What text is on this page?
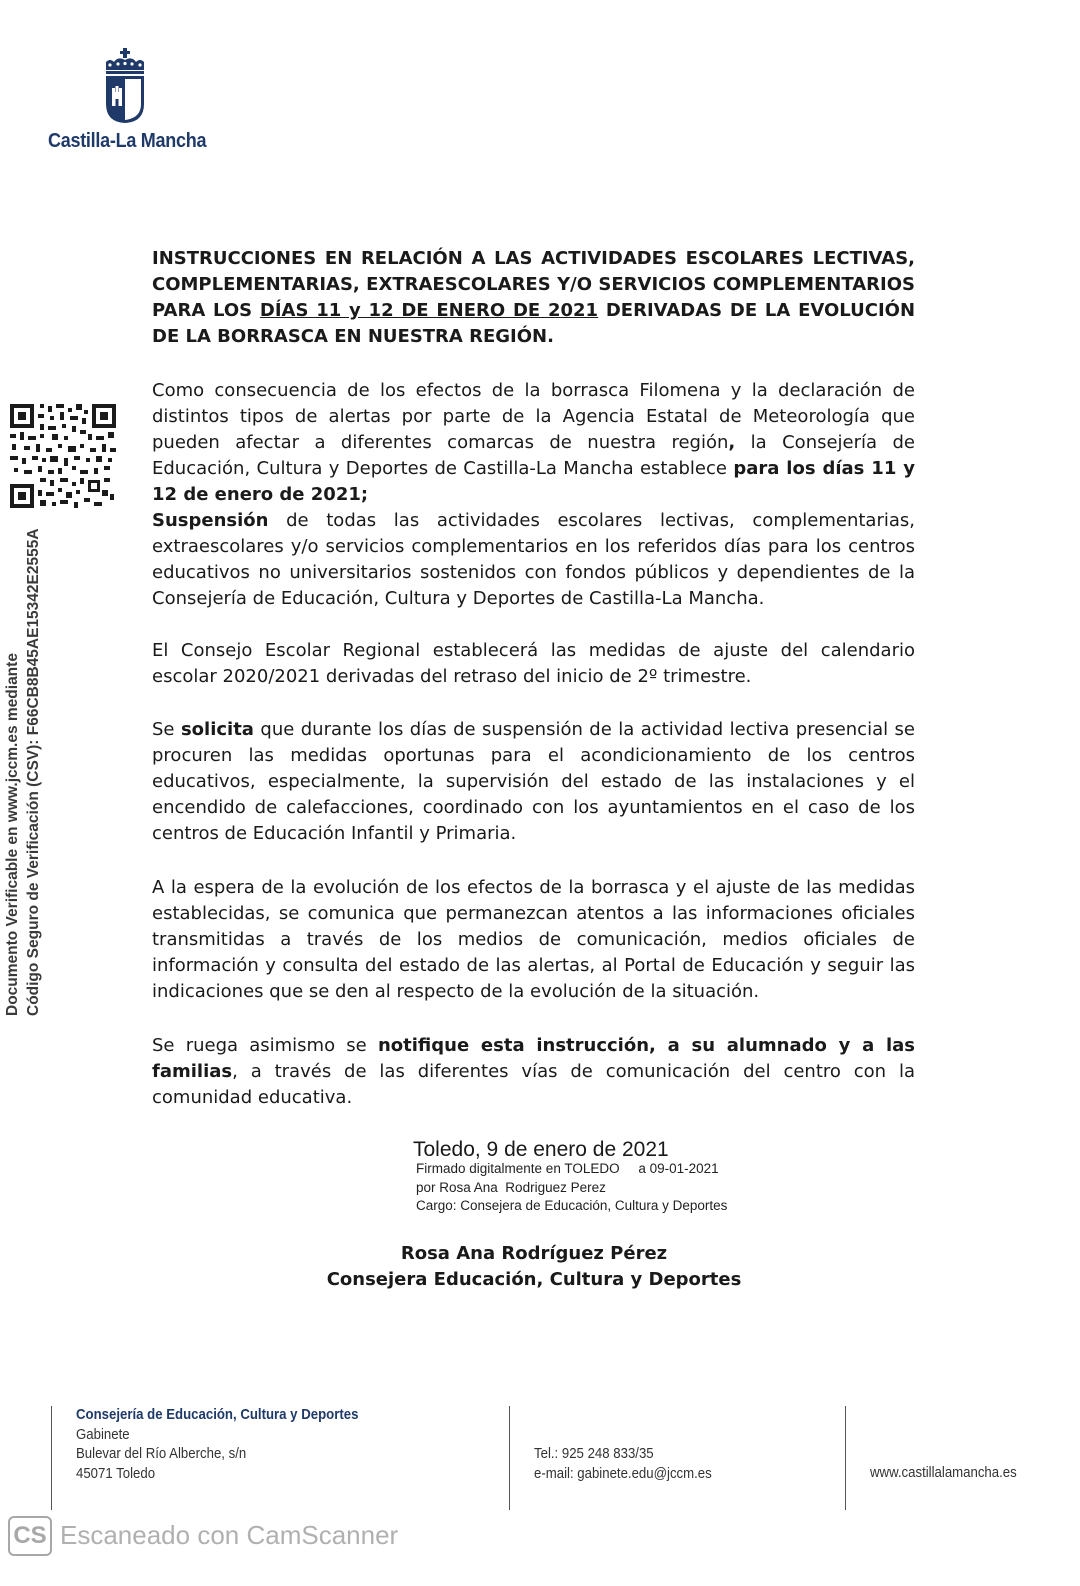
Castilla-La Mancha
Documento Verificable en www.jccm.es mediante Código Seguro de Verificación (CSV): F66CB8B45AE15342E2555A
INSTRUCCIONES EN RELACIÓN A LAS ACTIVIDADES ESCOLARES LECTIVAS, COMPLEMENTARIAS, EXTRAESCOLARES Y/O SERVICIOS COMPLEMENTARIOS PARA LOS DÍAS 11 y 12 DE ENERO DE 2021 DERIVADAS DE LA EVOLUCIÓN DE LA BORRASCA EN NUESTRA REGIÓN.
Como consecuencia de los efectos de la borrasca Filomena y la declaración de distintos tipos de alertas por parte de la Agencia Estatal de Meteorología que pueden afectar a diferentes comarcas de nuestra región, la Consejería de Educación, Cultura y Deportes de Castilla-La Mancha establece para los días 11 y 12 de enero de 2021;
Suspensión de todas las actividades escolares lectivas, complementarias, extraescolares y/o servicios complementarios en los referidos días para los centros educativos no universitarios sostenidos con fondos públicos y dependientes de la Consejería de Educación, Cultura y Deportes de Castilla-La Mancha.
El Consejo Escolar Regional establecerá las medidas de ajuste del calendario escolar 2020/2021 derivadas del retraso del inicio de 2º trimestre.
Se solicita que durante los días de suspensión de la actividad lectiva presencial se procuren las medidas oportunas para el acondicionamiento de los centros educativos, especialmente, la supervisión del estado de las instalaciones y el encendido de calefacciones, coordinado con los ayuntamientos en el caso de los centros de Educación Infantil y Primaria.
A la espera de la evolución de los efectos de la borrasca y el ajuste de las medidas establecidas, se comunica que permanezcan atentos a las informaciones oficiales transmitidas a través de los medios de comunicación, medios oficiales de información y consulta del estado de las alertas, al Portal de Educación y seguir las indicaciones que se den al respecto de la evolución de la situación.
Se ruega asimismo se notifique esta instrucción, a su alumnado y a las familias, a través de las diferentes vías de comunicación del centro con la comunidad educativa.
Toledo, 9 de enero de 2021
Firmado digitalmente en TOLEDO     a 09-01-2021
por Rosa Ana  Rodriguez Perez
Cargo: Consejera de Educación, Cultura y Deportes
Rosa Ana Rodríguez Pérez
Consejera Educación, Cultura y Deportes
Consejería de Educación, Cultura y Deportes
Gabinete
Bulevar del Río Alberche, s/n
45071 Toledo
Tel.: 925 248 833/35
e-mail: gabinete.edu@jccm.es	www.castillalamancha.es
CS Escaneado con CamScanner
